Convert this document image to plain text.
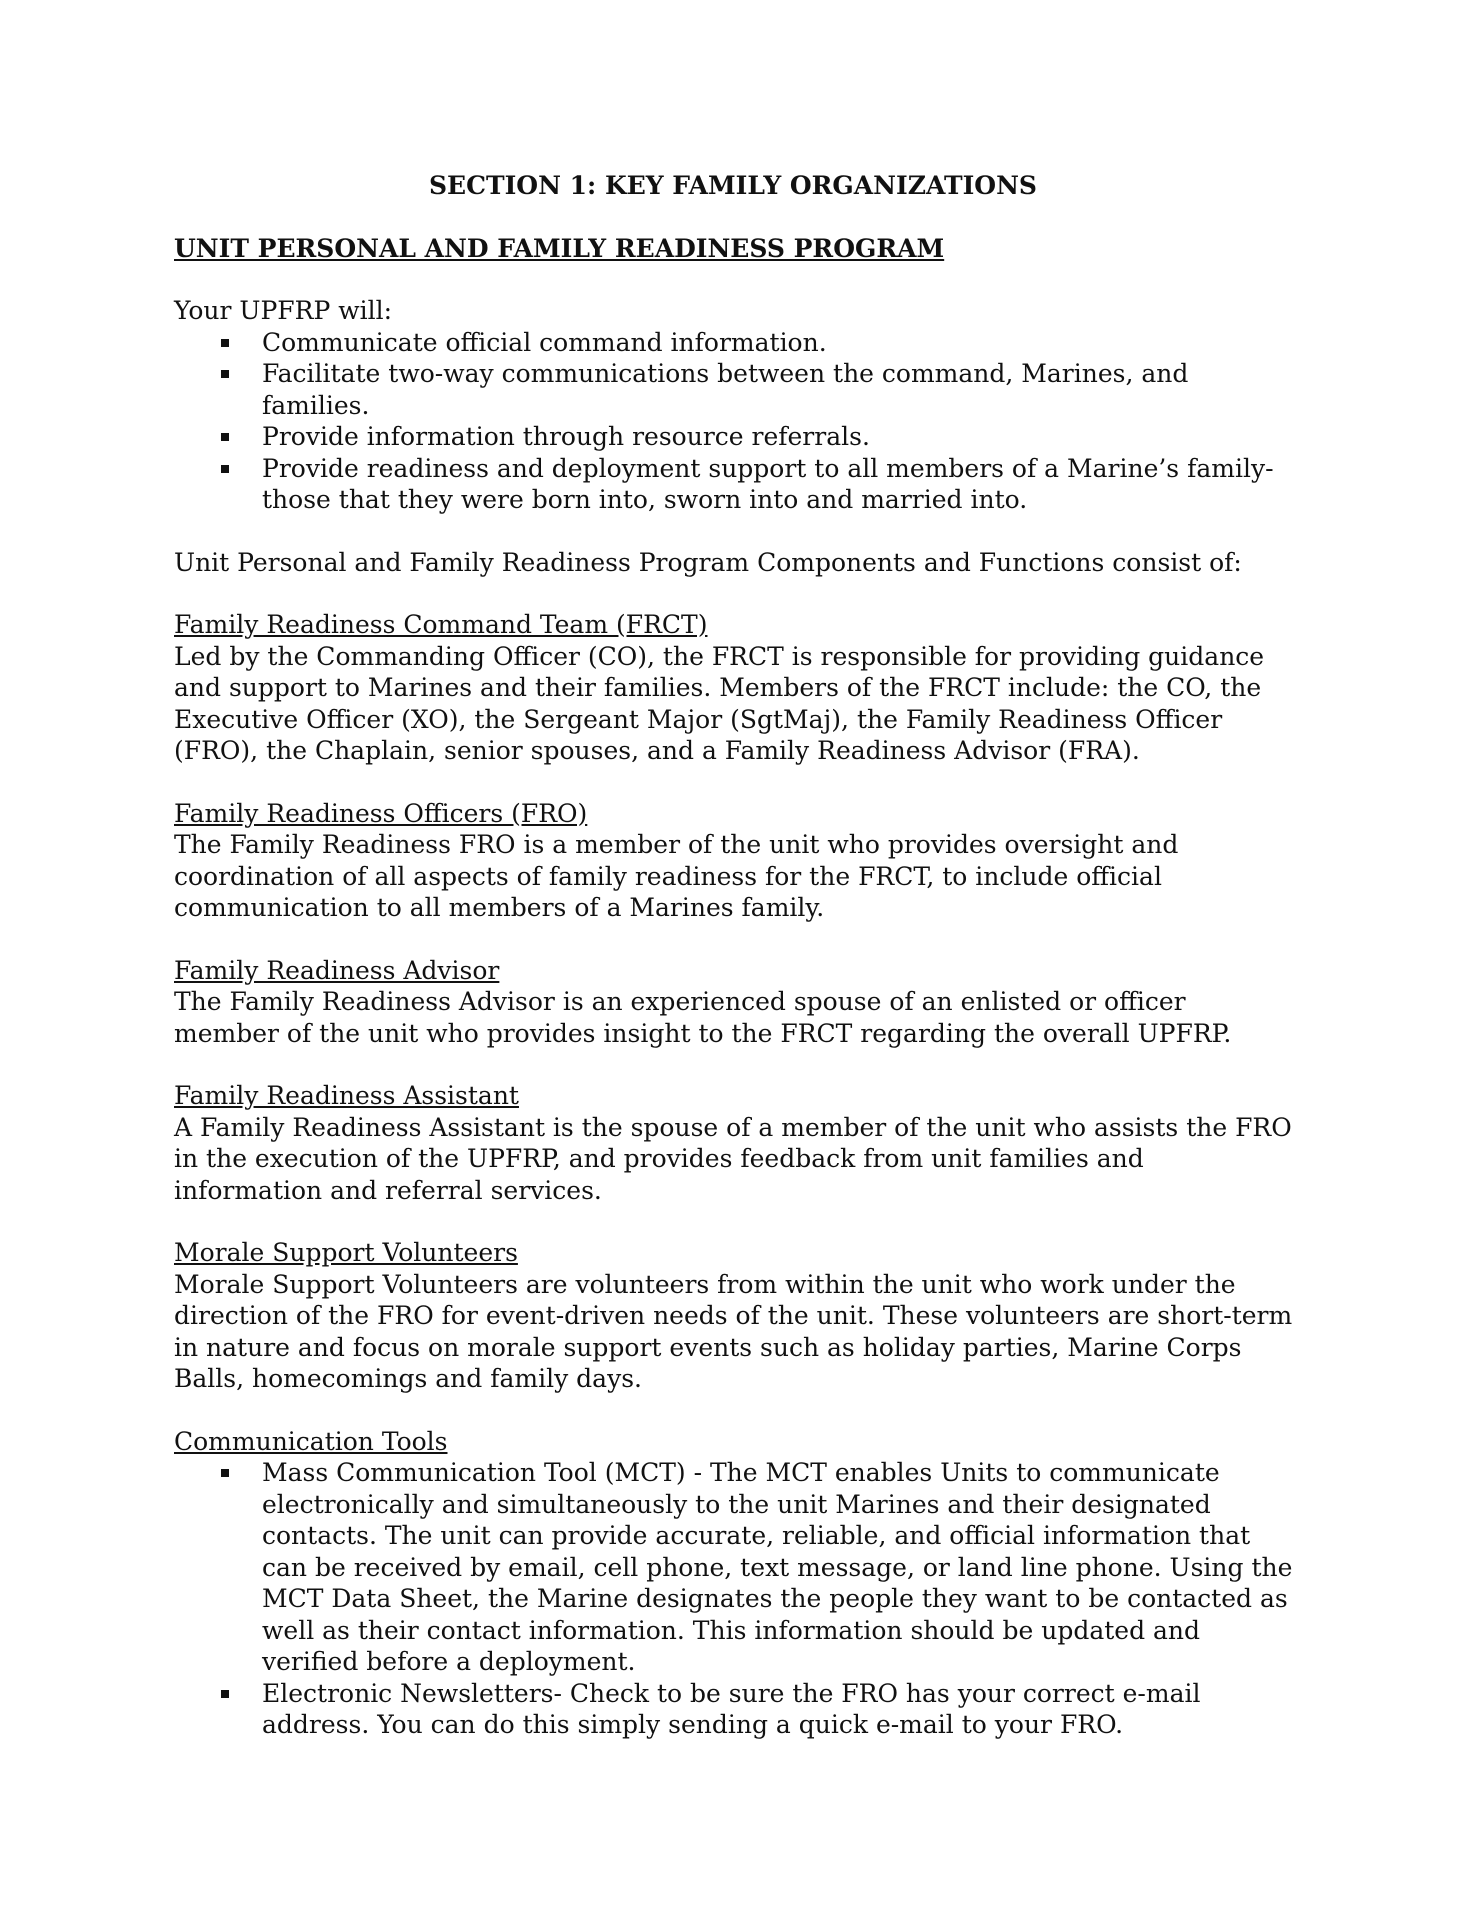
SECTION 1: KEY FAMILY ORGANIZATIONS
UNIT PERSONAL AND FAMILY READINESS PROGRAM

Your UPFRP will:

Communicate official command information.
Facilitate two-way communications between the command, Marines, and families.
Provide information through resource referrals.
Provide readiness and deployment support to all members of a Marine’s family-those that they were born into, sworn into and married into.

Unit Personal and Family Readiness Program Components and Functions consist of:

Family Readiness Command Team (FRCT)

Led by the Commanding Officer (CO), the FRCT is responsible for providing guidance and support to Marines and their families. Members of the FRCT include: the CO, the Executive Officer (XO), the Sergeant Major (SgtMaj), the Family Readiness Officer (FRO), the Chaplain, senior spouses, and a Family Readiness Advisor (FRA).

Family Readiness Officers (FRO)

The Family Readiness FRO is a member of the unit who provides oversight and coordination of all aspects of family readiness for the FRCT, to include official communication to all members of a Marines family.

Family Readiness Advisor

The Family Readiness Advisor is an experienced spouse of an enlisted or officer member of the unit who provides insight to the FRCT regarding the overall UPFRP.

Family Readiness Assistant

A Family Readiness Assistant is the spouse of a member of the unit who assists the FRO in the execution of the UPFRP, and provides feedback from unit families and information and referral services.

Morale Support Volunteers

Morale Support Volunteers are volunteers from within the unit who work under the direction of the FRO for event-driven needs of the unit. These volunteers are short-term in nature and focus on morale support events such as holiday parties, Marine Corps Balls, homecomings and family days.

Communication Tools

Mass Communication Tool (MCT) - The MCT enables Units to communicate electronically and simultaneously to the unit Marines and their designated contacts. The unit can provide accurate, reliable, and official information that can be received by email, cell phone, text message, or land line phone. Using the MCT Data Sheet, the Marine designates the people they want to be contacted as well as their contact information. This information should be updated and verified before a deployment.
Electronic Newsletters- Check to be sure the FRO has your correct e-mail address. You can do this simply sending a quick e-mail to your FRO.
